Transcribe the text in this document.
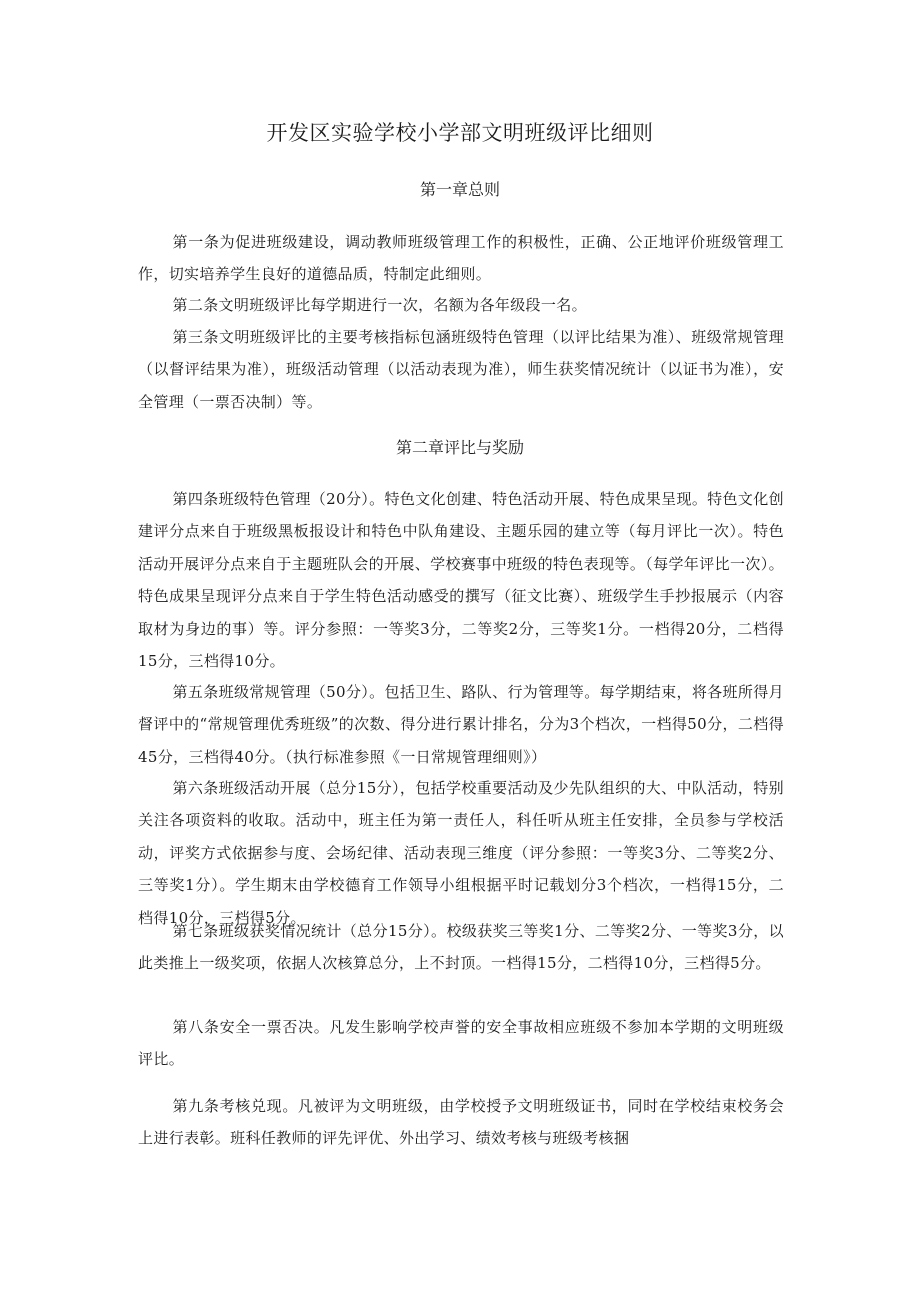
开发区实验学校小学部文明班级评比细则
第一章总则

第一条为促进班级建设，调动教师班级管理工作的积极性，正确、公正地评价班级管理工作，切实培养学生良好的道德品质，特制定此细则。

第二条文明班级评比每学期进行一次，名额为各年级段一名。

第三条文明班级评比的主要考核指标包涵班级特色管理（以评比结果为准）、班级常规管理（以督评结果为准），班级活动管理（以活动表现为准），师生获奖情况统计（以证书为准），安全管理（一票否决制）等。

第二章评比与奖励

第四条班级特色管理（20分）。特色文化创建、特色活动开展、特色成果呈现。特色文化创建评分点来自于班级黑板报设计和特色中队角建设、主题乐园的建立等（每月评比一次）。特色活动开展评分点来自于主题班队会的开展、学校赛事中班级的特色表现等。（每学年评比一次）。特色成果呈现评分点来自于学生特色活动感受的撰写（征文比赛）、班级学生手抄报展示（内容取材为身边的事）等。评分参照：一等奖3分，二等奖2分，三等奖1分。一档得20分，二档得15分，三档得10分。

第五条班级常规管理（50分）。包括卫生、路队、行为管理等。每学期结束，将各班所得月督评中的“常规管理优秀班级”的次数、得分进行累计排名，分为3个档次，一档得50分，二档得45分，三档得40分。（执行标准参照《一日常规管理细则》）

第六条班级活动开展（总分15分），包括学校重要活动及少先队组织的大、中队活动，特别关注各项资料的收取。活动中，班主任为第一责任人，科任听从班主任安排，全员参与学校活动，评奖方式依据参与度、会场纪律、活动表现三维度（评分参照：一等奖3分、二等奖2分、三等奖1分）。学生期末由学校德育工作领导小组根据平时记载划分3个档次，一档得15分，二档得10分，三档得5分。

第七条班级获奖情况统计（总分15分）。校级获奖三等奖1分、二等奖2分、一等奖3分，以此类推上一级奖项，依据人次核算总分，上不封顶。一档得15分，二档得10分，三档得5分。

第八条安全一票否决。凡发生影响学校声誉的安全事故相应班级不参加本学期的文明班级评比。

第九条考核兑现。凡被评为文明班级，由学校授予文明班级证书，同时在学校结束校务会上进行表彰。班科任教师的评先评优、外出学习、绩效考核与班级考核捆
